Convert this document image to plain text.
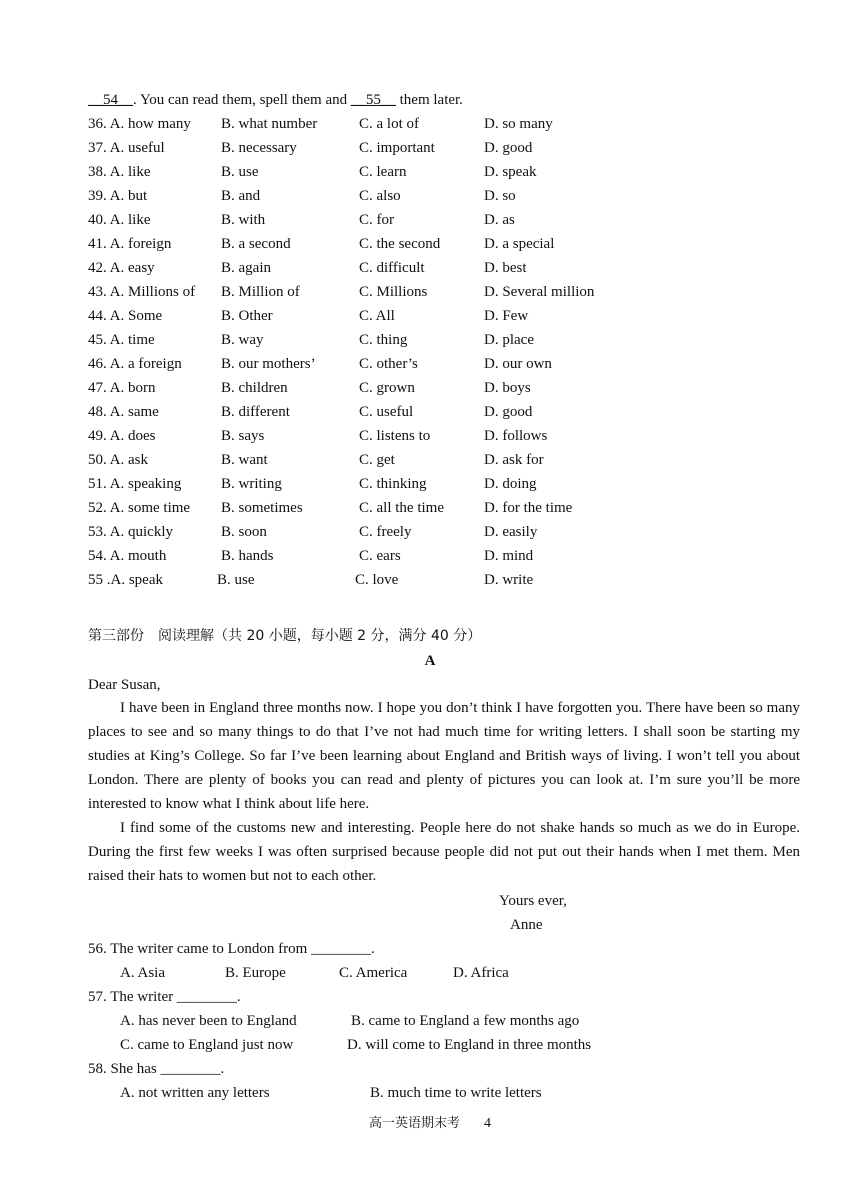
__54__. You can read them, spell them and __55__ them later.
36. A. how many B. what number	C. a lot of	D. so many
37. A. useful	B. necessary	C. important	D. good
38. A. like	B. use	C. learn	D. speak
39. A. but	B. and	C. also	D. so
40. A. like	B. with	C. for	D. as
41. A. foreign	B. a second	C. the second	D. a special
42. A. easy	B. again	C. difficult	D. best
43. A. Millions of B. Million of	C. Millions	D. Several million
44. A. Some	B. Other	C. All	D. Few
45. A. time	B. way	C. thing	D. place
46. A. a foreign	B. our mothers’	C. other’s	D. our own
47. A. born	B. children	C. grown	D. boys
48. A. same	B. different	C. useful	D. good
49. A. does	B. says	C. listens to	D. follows
50. A. ask	B. want	C. get	D. ask for
51. A. speaking	B. writing	C. thinking	D. doing
52. A. some time B. sometimes	C. all the time	D. for the time
53. A. quickly	B. soon	C. freely	D. easily
54. A. mouth	B. hands	C. ears	D. mind
55 .A. speak	B. use	C. love	D. write
第三部份　阅读理解（共 20 小题，每小题 2 分，满分 40 分）
A
Dear Susan,
I have been in England three months now. I hope you don’t think I have forgotten you. There have been so many places to see and so many things to do that I’ve not had much time for writing letters. I shall soon be starting my studies at King’s College. So far I’ve been learning about England and British ways of living. I won’t tell you about London. There are plenty of books you can read and plenty of pictures you can look at. I’m sure you’ll be more interested to know what I think about life here.
I find some of the customs new and interesting. People here do not shake hands so much as we do in Europe. During the first few weeks I was often surprised because people did not put out their hands when I met them. Men raised their hats to women but not to each other.
Yours ever,
Anne
56. The writer came to London from ________.
A. Asia	B. Europe	C. America	D. Africa
57. The writer ________.
A. has never been to England	B. came to England a few months ago
C. came to England just now	D. will come to England in three months
58. She has ________.
A. not written any letters	B. much time to write letters
高一英语期末考 4
